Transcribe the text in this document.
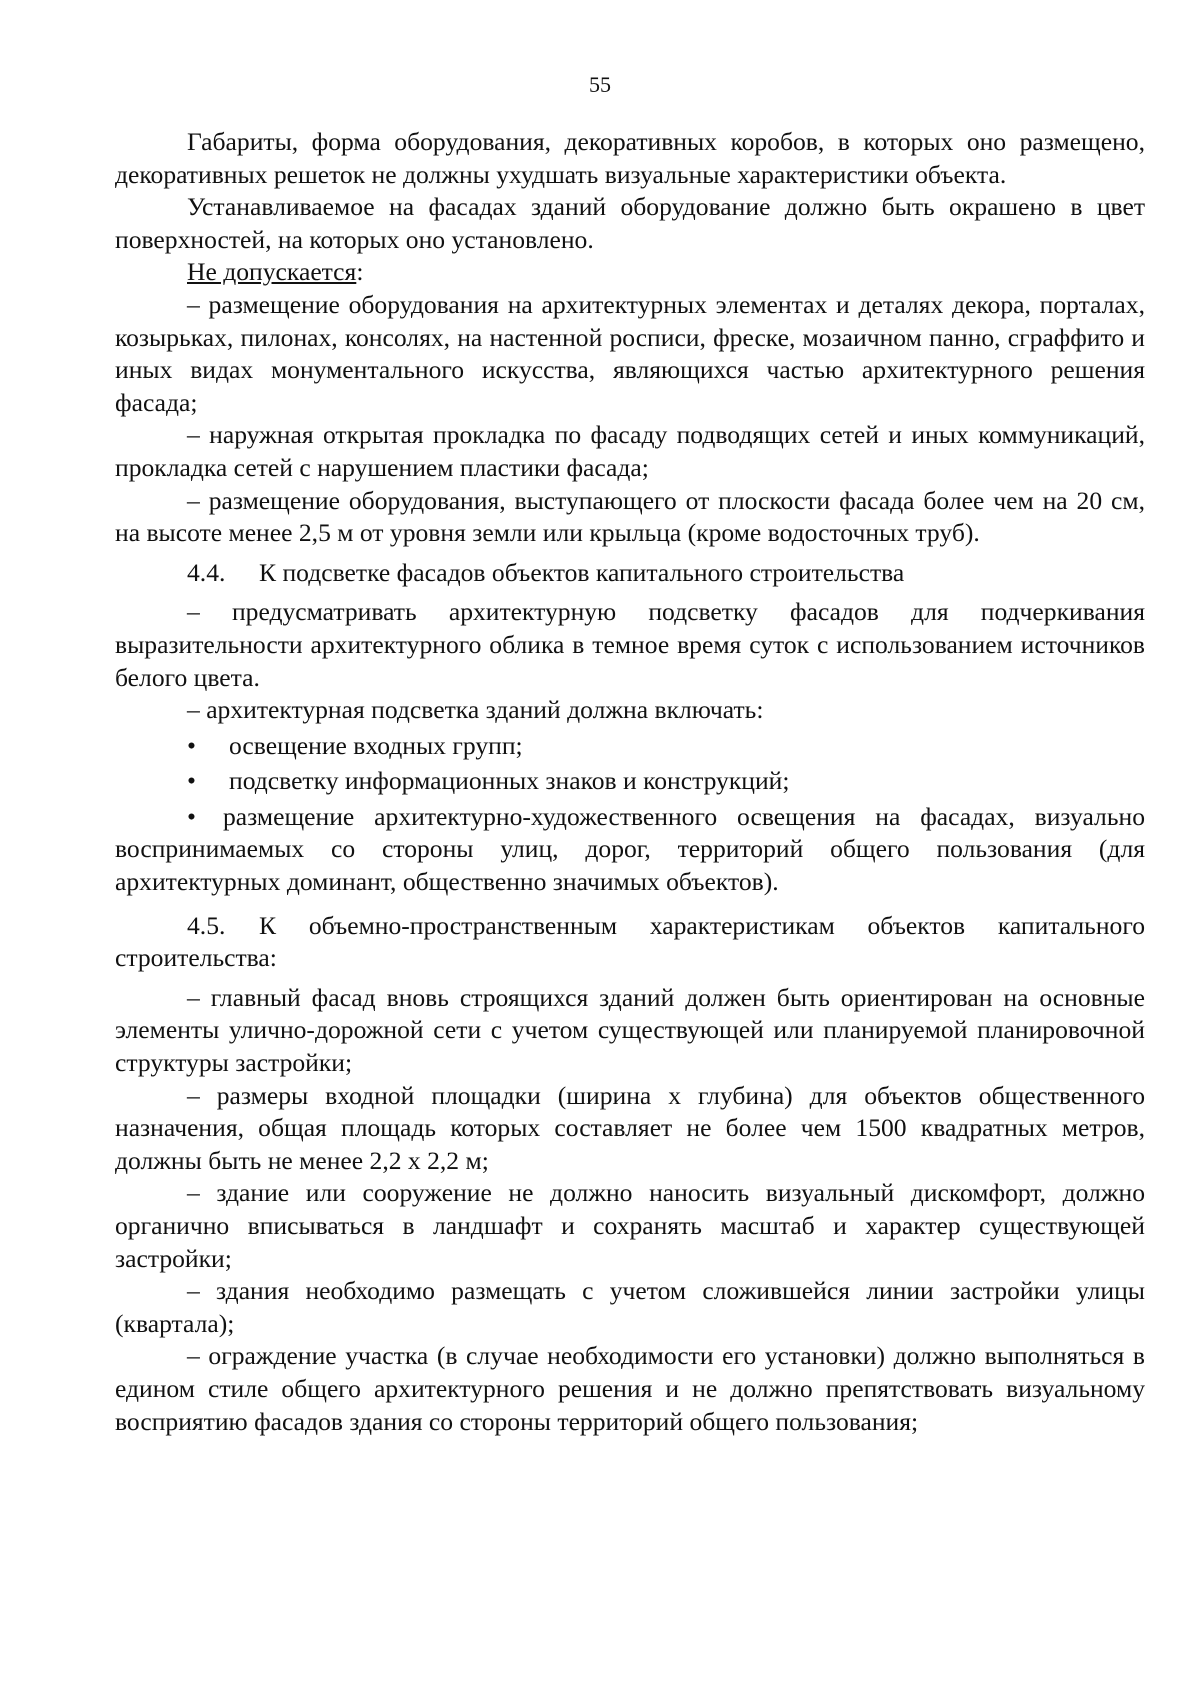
55

Габариты, форма оборудования, декоративных коробов, в которых оно размещено, декоративных решеток не должны ухудшать визуальные характеристики объекта.

Устанавливаемое на фасадах зданий оборудование должно быть окрашено в цвет поверхностей, на которых оно установлено.

Не допускается:

– размещение оборудования на архитектурных элементах и деталях декора, порталах, козырьках, пилонах, консолях, на настенной росписи, фреске, мозаичном панно, сграффито и иных видах монументального искусства, являющихся частью архитектурного решения фасада;

– наружная открытая прокладка по фасаду подводящих сетей и иных коммуникаций, прокладка сетей с нарушением пластики фасада;

– размещение оборудования, выступающего от плоскости фасада более чем на 20 см, на высоте менее 2,5 м от уровня земли или крыльца (кроме водосточных труб).

4.4.	К подсветке фасадов объектов капитального строительства

– предусматривать архитектурную подсветку фасадов для подчеркивания выразительности архитектурного облика в темное время суток с использованием источников белого цвета.

– архитектурная подсветка зданий должна включать:

• освещение входных групп;

• подсветку информационных знаков и конструкций;

• размещение архитектурно-художественного освещения на фасадах, визуально воспринимаемых со стороны улиц, дорог, территорий общего пользования (для архитектурных доминант, общественно значимых объектов).

4.5. К объемно-пространственным характеристикам объектов капитального строительства:

– главный фасад вновь строящихся зданий должен быть ориентирован на основные элементы улично-дорожной сети с учетом существующей или планируемой планировочной структуры застройки;

– размеры входной площадки (ширина х глубина) для объектов общественного назначения, общая площадь которых составляет не более чем 1500 квадратных метров, должны быть не менее 2,2 х 2,2 м;

– здание или сооружение не должно наносить визуальный дискомфорт, должно органично вписываться в ландшафт и сохранять масштаб и характер существующей застройки;

– здания необходимо размещать с учетом сложившейся линии застройки улицы (квартала);

– ограждение участка (в случае необходимости его установки) должно выполняться в едином стиле общего архитектурного решения и не должно препятствовать визуальному восприятию фасадов здания со стороны территорий общего пользования;
